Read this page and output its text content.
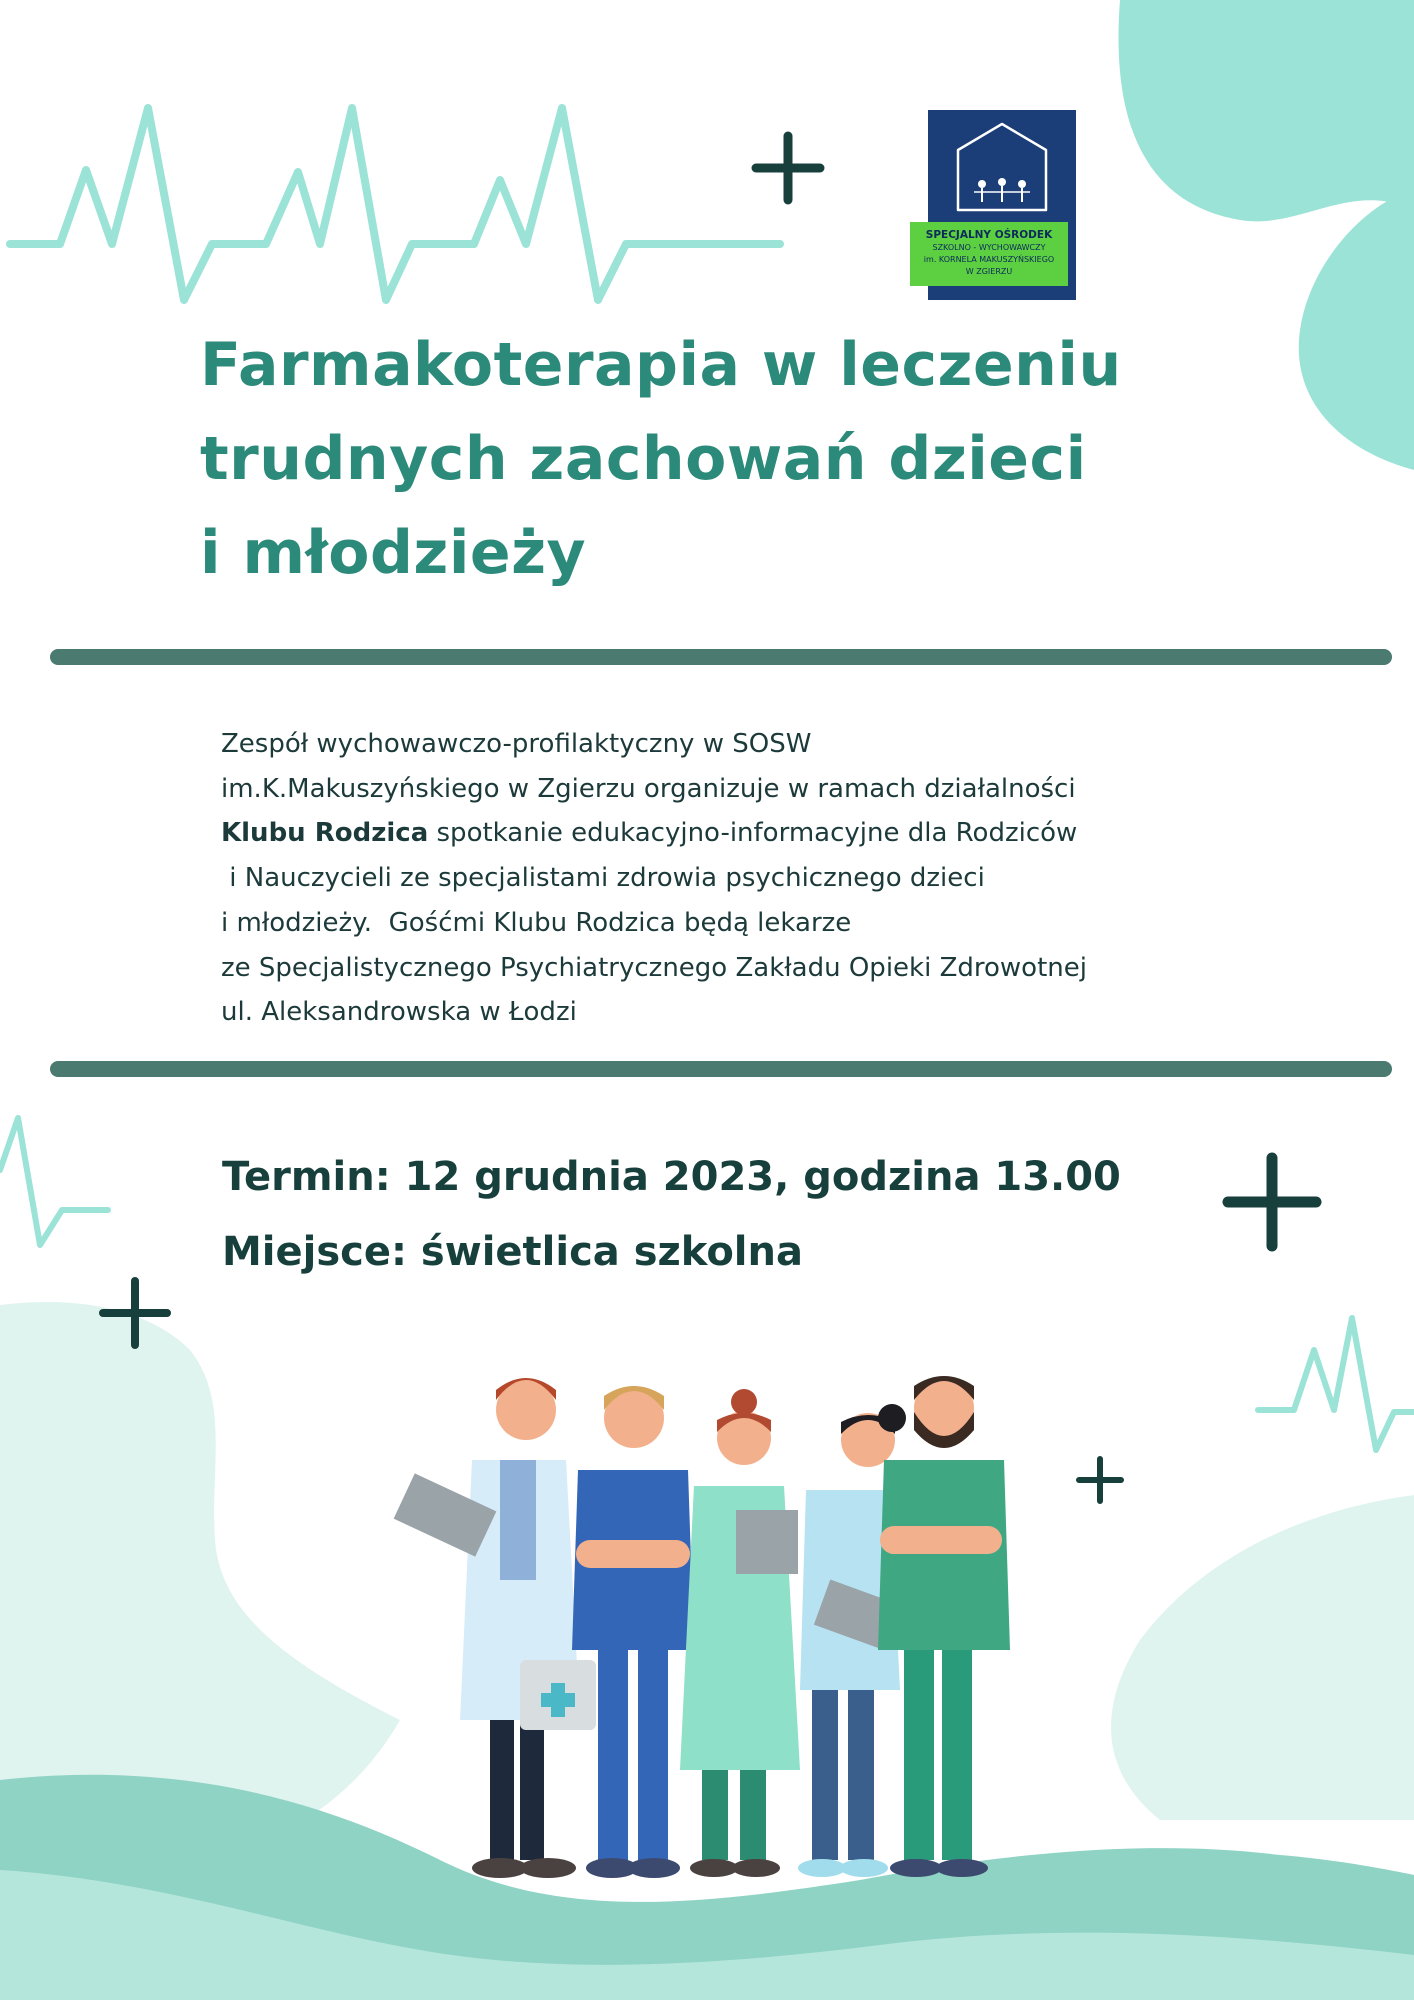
SPECJALNY OŚRODEK
SZKOLNO - WYCHOWAWCZY
im. KORNELA MAKUSZYŃSKIEGO
W ZGIERZU
Farmakoterapia w leczeniu
trudnych zachowań dzieci
i młodzieży
Zespół wychowawczo-profilaktyczny w SOSW
im.K.Makuszyńskiego w Zgierzu organizuje w ramach działalności
Klubu Rodzica spotkanie edukacyjno-informacyjne dla Rodziców
i Nauczycieli ze specjalistami zdrowia psychicznego dzieci
i młodzieży.  Gośćmi Klubu Rodzica będą lekarze
ze Specjalistycznego Psychiatrycznego Zakładu Opieki Zdrowotnej
ul. Aleksandrowska w Łodzi
Termin: 12 grudnia 2023, godzina 13.00
Miejsce: świetlica szkolna
